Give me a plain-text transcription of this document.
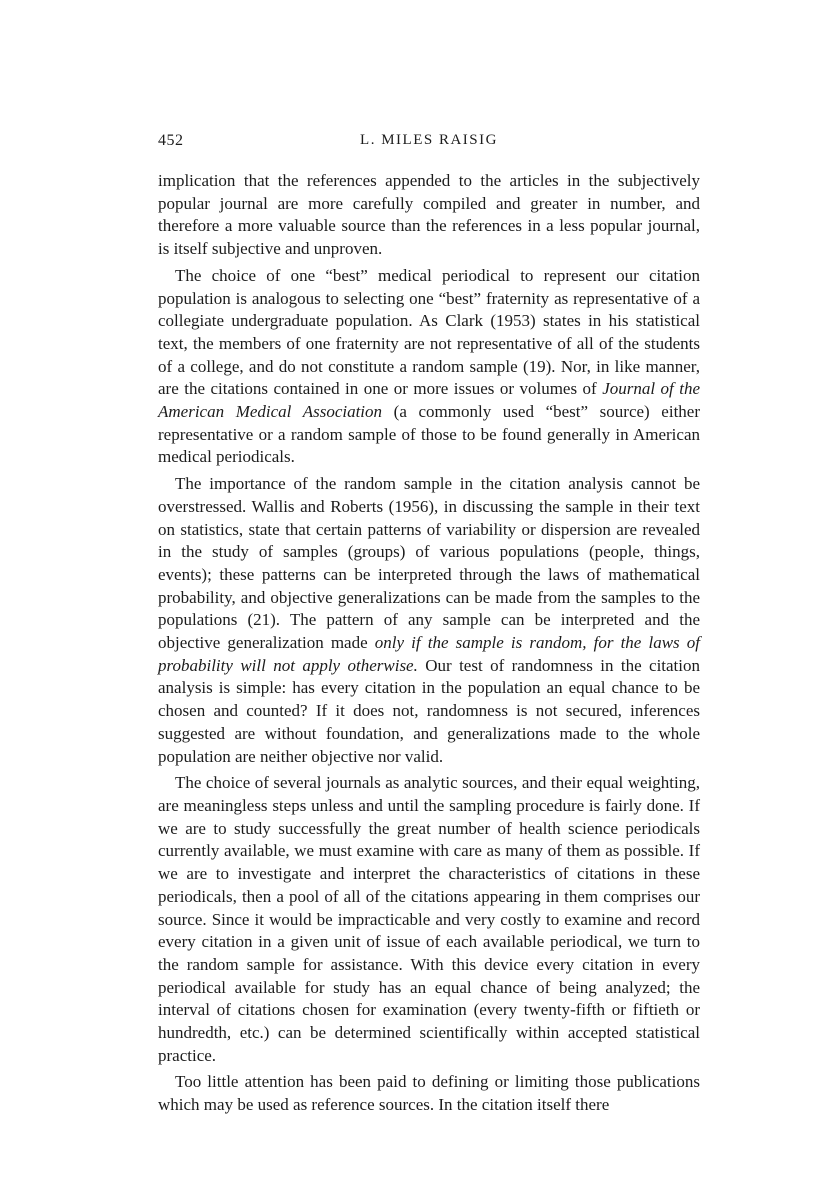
452	L. MILES RAISIG

implication that the references appended to the articles in the subjectively popular journal are more carefully compiled and greater in number, and therefore a more valuable source than the references in a less popular journal, is itself subjective and unproven.

The choice of one “best” medical periodical to represent our citation population is analogous to selecting one “best” fraternity as representative of a collegiate undergraduate population. As Clark (1953) states in his statistical text, the members of one fraternity are not representative of all of the students of a college, and do not constitute a random sample (19). Nor, in like manner, are the citations contained in one or more issues or volumes of Journal of the American Medical Association (a commonly used “best” source) either representative or a random sample of those to be found generally in American medical periodicals.

The importance of the random sample in the citation analysis cannot be overstressed. Wallis and Roberts (1956), in discussing the sample in their text on statistics, state that certain patterns of variability or dispersion are revealed in the study of samples (groups) of various populations (people, things, events); these patterns can be interpreted through the laws of mathematical probability, and objective generalizations can be made from the samples to the populations (21). The pattern of any sample can be interpreted and the objective generalization made only if the sample is random, for the laws of probability will not apply otherwise. Our test of randomness in the citation analysis is simple: has every citation in the population an equal chance to be chosen and counted? If it does not, randomness is not secured, inferences suggested are without foundation, and generalizations made to the whole population are neither objective nor valid.

The choice of several journals as analytic sources, and their equal weighting, are meaningless steps unless and until the sampling procedure is fairly done. If we are to study successfully the great number of health science periodicals currently available, we must examine with care as many of them as possible. If we are to investigate and interpret the characteristics of citations in these periodicals, then a pool of all of the citations appearing in them comprises our source. Since it would be impracticable and very costly to examine and record every citation in a given unit of issue of each available periodical, we turn to the random sample for assistance. With this device every citation in every periodical available for study has an equal chance of being analyzed; the interval of citations chosen for examination (every twenty-fifth or fiftieth or hundredth, etc.) can be determined scientifically within accepted statistical practice.

Too little attention has been paid to defining or limiting those publications which may be used as reference sources. In the citation itself there
